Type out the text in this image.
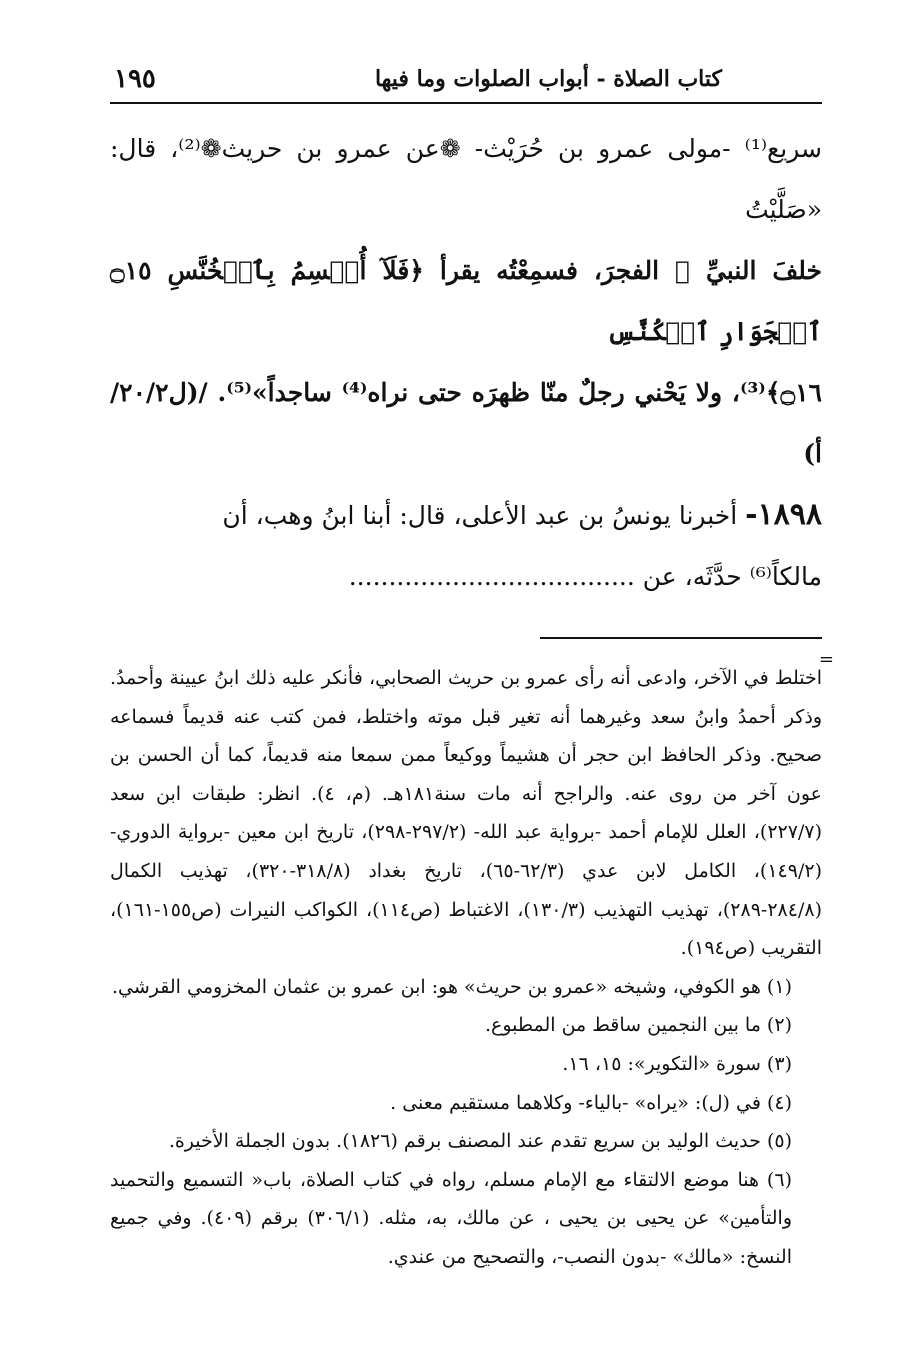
كتاب الصلاة - أبواب الصلوات وما فيها
١٩٥

سريع⁽¹⁾ -مولى عمرو بن حُرَيْث- ❁عن عمرو بن حريث❁⁽²⁾، قال: «صَلَّيْتُ

خلفَ النبيِّ ﷺ الفجرَ، فسمِعْتُه يقرأ ﴿فَلَآ أُقۡسِمُ بِٱلۡخُنَّسِ ۝١٥ ٱلۡجَوَارِ ٱلۡكُنَّسِ

۝١٦﴾⁽³⁾، ولا يَحْني رجلٌ منّا ظهرَه حتى نراه⁽⁴⁾ ساجداً»⁽⁵⁾. /(ل٢٠/٢/أ)

١٨٩٨- أخبرنا يونسُ بن عبد الأعلى، قال: أبنا ابنُ وهب، أن

مالكاً⁽⁶⁾ حدَّثَه، عن ....................................

=

اختلط في الآخر، وادعى أنه رأى عمرو بن حريث الصحابي، فأنكر عليه ذلك ابنُ عيينة وأحمدُ. وذكر أحمدُ وابنُ سعد وغيرهما أنه تغير قبل موته واختلط، فمن كتب عنه قديماً فسماعه صحيح. وذكر الحافظ ابن حجر أن هشيماً ووكيعاً ممن سمعا منه قديماً، كما أن الحسن بن عون آخر من روى عنه. والراجح أنه مات سنة١٨١هـ. (م، ٤). انظر: طبقات ابن سعد (٢٢٧/٧)، العلل للإمام أحمد -برواية عبد الله- (٢٩٧/٢-٢٩٨)، تاريخ ابن معين -برواية الدوري- (١٤٩/٢)، الكامل لابن عدي (٦٢/٣-٦٥)، تاريخ بغداد (٣١٨/٨-٣٢٠)، تهذيب الكمال (٢٨٤/٨-٢٨٩)، تهذيب التهذيب (١٣٠/٣)، الاغتباط (ص١١٤)، الكواكب النيرات (ص١٥٥-١٦١)، التقريب (ص١٩٤).

(١) هو الكوفي، وشيخه «عمرو بن حريث» هو: ابن عمرو بن عثمان المخزومي القرشي.

(٢) ما بين النجمين ساقط من المطبوع.

(٣) سورة «التكوير»: ١٥، ١٦.

(٤) في (ل): «يراه» -بالياء- وكلاهما مستقيم معنى .

(٥) حديث الوليد بن سريع تقدم عند المصنف برقم (١٨٢٦). بدون الجملة الأخيرة.

(٦) هنا موضع الالتقاء مع الإمام مسلم، رواه في كتاب الصلاة، باب« التسميع والتحميد والتأمين» عن يحيى بن يحيى ، عن مالك، به، مثله. (٣٠٦/١) برقم (٤٠٩). وفي جميع النسخ: «مالك» -بدون النصب-، والتصحيح من عندي.
